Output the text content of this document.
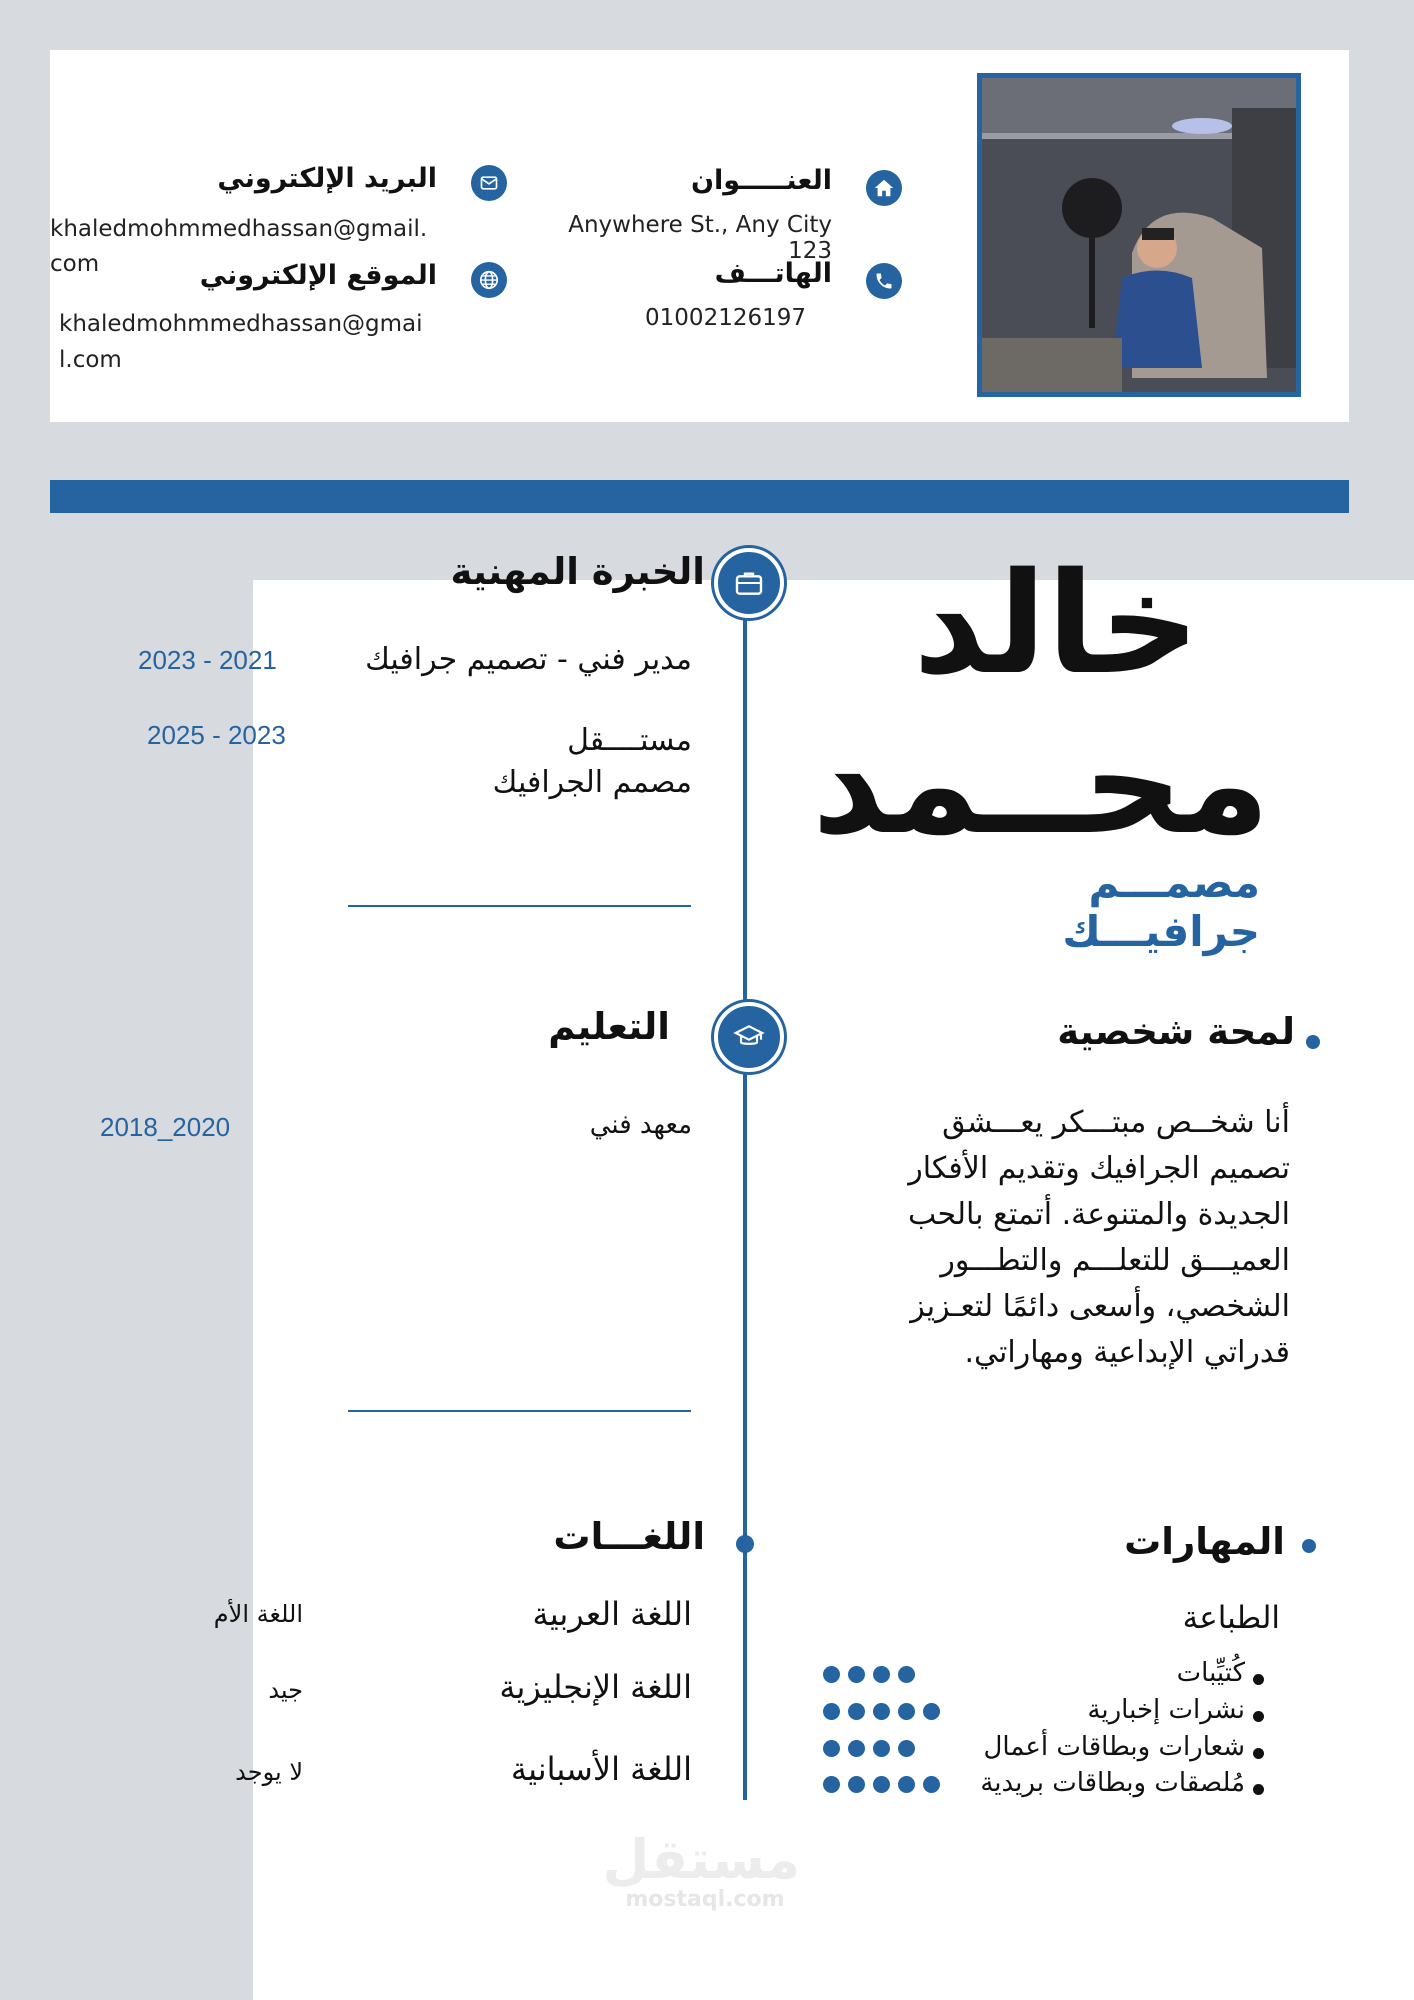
العنـــــوان
Anywhere St., Any City 123
الهاتـــف
01002126197
البريد الإلكتروني
khaledmohmmedhassan@gmail.com	الموقع الإلكتروني
khaledmohmmedhassan@gmail.com
خالد
محــمد
مصمـــم جرافيـــك
الخبرة المهنية
مدير فني - تصميم جرافيك
2023 - 2021
مستــــقل
مصمم الجرافيك
2025 - 2023
التعليم
معهد فني
2018_2020
لمحة شخصية
أنا شخــص مبتـــكر يعـــشق تصميم الجرافيك وتقديم الأفكار الجديدة والمتنوعة. أتمتع بالحب العميـــق للتعلـــم والتطـــور الشخصي، وأسعى دائمًا لتعـزيز قدراتي الإبداعية ومهاراتي.
اللغـــات
اللغة العربية
اللغة الأم
اللغة الإنجليزية
جيد
اللغة الأسبانية
لا يوجد
المهارات
الطباعة
كُتيِّبات
نشرات إخبارية
شعارات وبطاقات أعمال
مُلصقات وبطاقات بريدية
مستقل
mostaql.com
